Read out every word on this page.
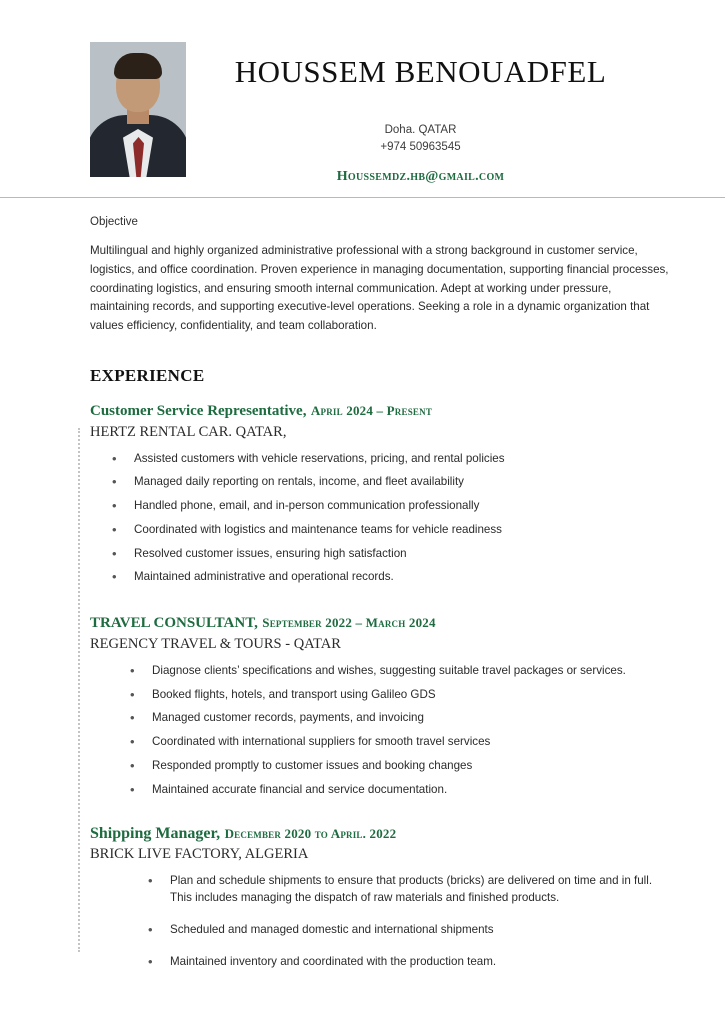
HOUSSEM BENOUADFEL
Doha. QATAR
+974 50963545
Houssemdz.hb@gmail.com
Objective

Multilingual and highly organized administrative professional with a strong background in customer service, logistics, and office coordination. Proven experience in managing documentation, supporting financial processes, coordinating logistics, and ensuring smooth internal communication. Adept at working under pressure, maintaining records, and supporting executive-level operations. Seeking a role in a dynamic organization that values efficiency, confidentiality, and team collaboration.

EXPERIENCE
Customer Service Representative, April 2024 – Present
HERTZ RENTAL CAR. QATAR,
• Assisted customers with vehicle reservations, pricing, and rental policies
• Managed daily reporting on rentals, income, and fleet availability
• Handled phone, email, and in-person communication professionally
• Coordinated with logistics and maintenance teams for vehicle readiness
• Resolved customer issues, ensuring high satisfaction
• Maintained administrative and operational records.
TRAVEL CONSULTANT, September 2022 – March 2024
REGENCY TRAVEL & TOURS - QATAR
• Diagnose clients’ specifications and wishes, suggesting suitable travel packages or services.
• Booked flights, hotels, and transport using Galileo GDS
• Managed customer records, payments, and invoicing
• Coordinated with international suppliers for smooth travel services
• Responded promptly to customer issues and booking changes
• Maintained accurate financial and service documentation.
Shipping Manager, December 2020 to April. 2022
BRICK LIVE FACTORY, ALGERIA
• Plan and schedule shipments to ensure that products (bricks) are delivered on time and in full. This includes managing the dispatch of raw materials and finished products.
• Scheduled and managed domestic and international shipments
• Maintained inventory and coordinated with the production team.
